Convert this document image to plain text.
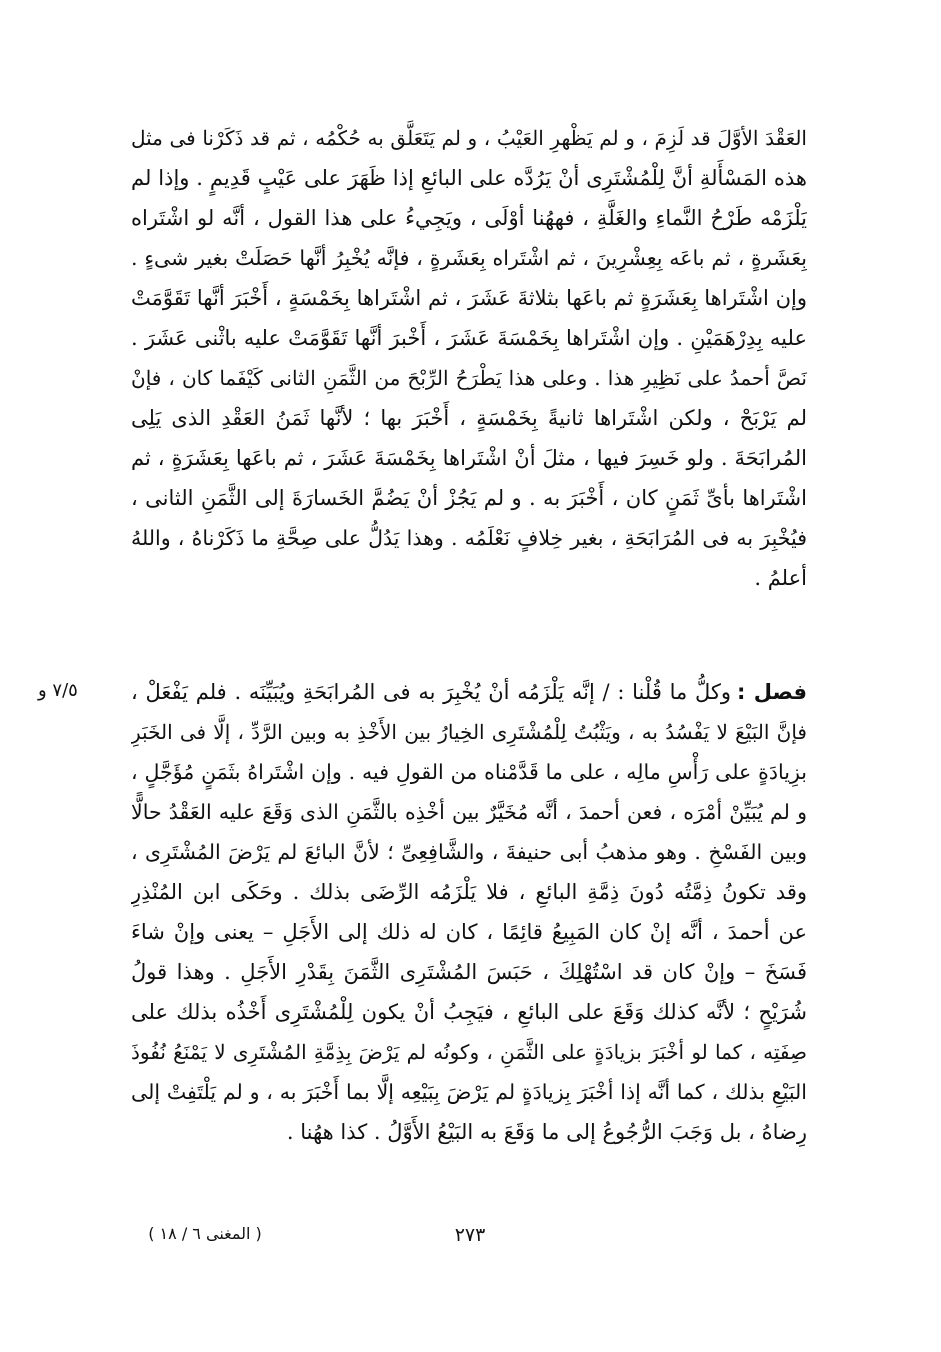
العَقْدَ الأوَّلَ قد لَزِمَ ، و لم يَظْهرِ العَيْبُ ، و لم يَتَعَلَّق به حُكْمُه ، ثم قد ذَكَرْنا فى مثل
هذه المَسْأَلةِ أنَّ لِلْمُشْتَرِى أنْ يَرُدَّه على البائعِ إذا ظَهَرَ على عَيْبٍ قَدِيمٍ . وإذا لم
يَلْزَمْه طَرْحُ النَّماءِ والغَلَّةِ ، فههُنا أوْلَى ، ويَجِيءُ على هذا القول ، أنَّه لو اشْتَراه
بِعَشَرةٍ ، ثم باعَه بِعِشْرِينَ ، ثم اشْتَراه بِعَشَرةٍ ، فإنَّه يُخْبِرُ أنَّها حَصَلَتْ بغير شىءٍ .
وإن اشْتَراها بِعَشَرَةٍ ثم باعَها بثلاثةَ عَشَرَ ، ثم اشْتَراها بِخَمْسَةٍ ، أَخْبَرَ أنَّها تَقَوَّمَتْ
عليه بِدِرْهَمَيْنِ . وإن اشْتَراها بِخَمْسَةَ عَشَرَ ، أَخْبرَ أنَّها تَقَوَّمَتْ عليه باثْنى عَشَرَ .
نَصَّ أحمدُ على نَظِيرِ هذا . وعلى هذا يَطْرَحُ الرِّبْحَ من الثَّمَنِ الثانى كَيْفَما كان ، فإنْ
لم يَرْبَحْ ، ولكن اشْتَراها ثانيةً بِخَمْسَةٍ ، أَخْبَرَ بها ؛ لأنَّها ثَمَنُ العَقْدِ الذى يَلِى
المُرابَحَةَ . ولو خَسِرَ فيها ، مثلَ أنْ اشْتَراها بِخَمْسَةَ عَشَرَ ، ثم باعَها بِعَشَرَةٍ ، ثم
اشْتَراها بأىِّ ثَمَنٍ كان ، أَخْبَرَ به . و لم يَجُزْ أنْ يَضُمَّ الخَسارَةَ إلى الثَّمَنِ الثانى ،
فيُخْبِرَ به فى المُرَابَحَةِ ، بغير خِلافٍ نَعْلَمُه . وهذا يَدُلُّ على صِحَّةِ ما ذَكَرْناهُ ، واللهُ
أعلمُ .
٧/٥ و	فصل :وكلُّ ما قُلْنا : / إنَّه يَلْزَمُه أنْ يُخْبِرَ به فى المُرابَحَةِ ويُبَيِّنَه . فلم يَفْعَلْ ،
فإنَّ البَيْعَ لا يَفْسُدُ به ، ويَثْبُتُ لِلْمُشْتَرِى الخِيارُ بين الأَخْذِ به وبين الرَّدِّ ، إلَّا فى الخَبَرِ
بزِيادَةٍ على رَأْسِ مالِه ، على ما قَدَّمْناه من القولِ فيه . وإن اشْتَراهُ بثَمَنٍ مُؤَجَّلٍ ،
و لم يُبَيِّنْ أمْرَه ، فعن أحمدَ ، أنَّه مُخَيَّرٌ بين أخْذِه بالثَّمَنِ الذى وَقَعَ عليه العَقْدُ حالًّا
وبين الفَسْخِ . وهو مذهبُ أبى حنيفةَ ، والشَّافِعِىِّ ؛ لأنَّ البائعَ لم يَرْضَ المُشْتَرِى ،
وقد تكونُ ذِمَّتُه دُونَ ذِمَّةِ البائعِ ، فلا يَلْزَمُه الرِّضَى بذلك . وحَكَى ابن المُنْذِرِ
عن أحمدَ ، أنَّه إنْ كان المَبِيعُ قائِمًا ، كان له ذلك إلى الأَجَلِ – يعنى وإنْ شاءَ
فَسَخَ – وإنْ كان قد اسْتُهْلِكَ ، حَبَسَ المُشْتَرِى الثَّمَنَ بِقَدْرِ الأَجَلِ . وهذا قولُ
شُرَيْحٍ ؛ لأنَّه كذلك وَقَعَ على البائعِ ، فيَجِبُ أنْ يكون لِلْمُشْتَرِى أَخْذُه بذلك على
صِفَتِه ، كما لو أخْبَرَ بزيادَةٍ على الثَّمَنِ ، وكونُه لم يَرْضَ بِذِمَّةِ المُشْتَرِى لا يَمْنَعُ نُفُوذَ
البَيْعِ بذلك ، كما أنَّه إذا أخْبَرَ بِزيادَةٍ لم يَرْضَ بِبَيْعِه إلَّا بما أَخْبَرَ به ، و لم يَلْتَفِتْ إلى
رِضاهُ ، بل وَجَبَ الرُّجُوعُ إلى ما وَقَعَ به البَيْعُ الأَوَّلُ . كذا ههُنا .
٢٧٣
( المغنى ٦ / ١٨ )
